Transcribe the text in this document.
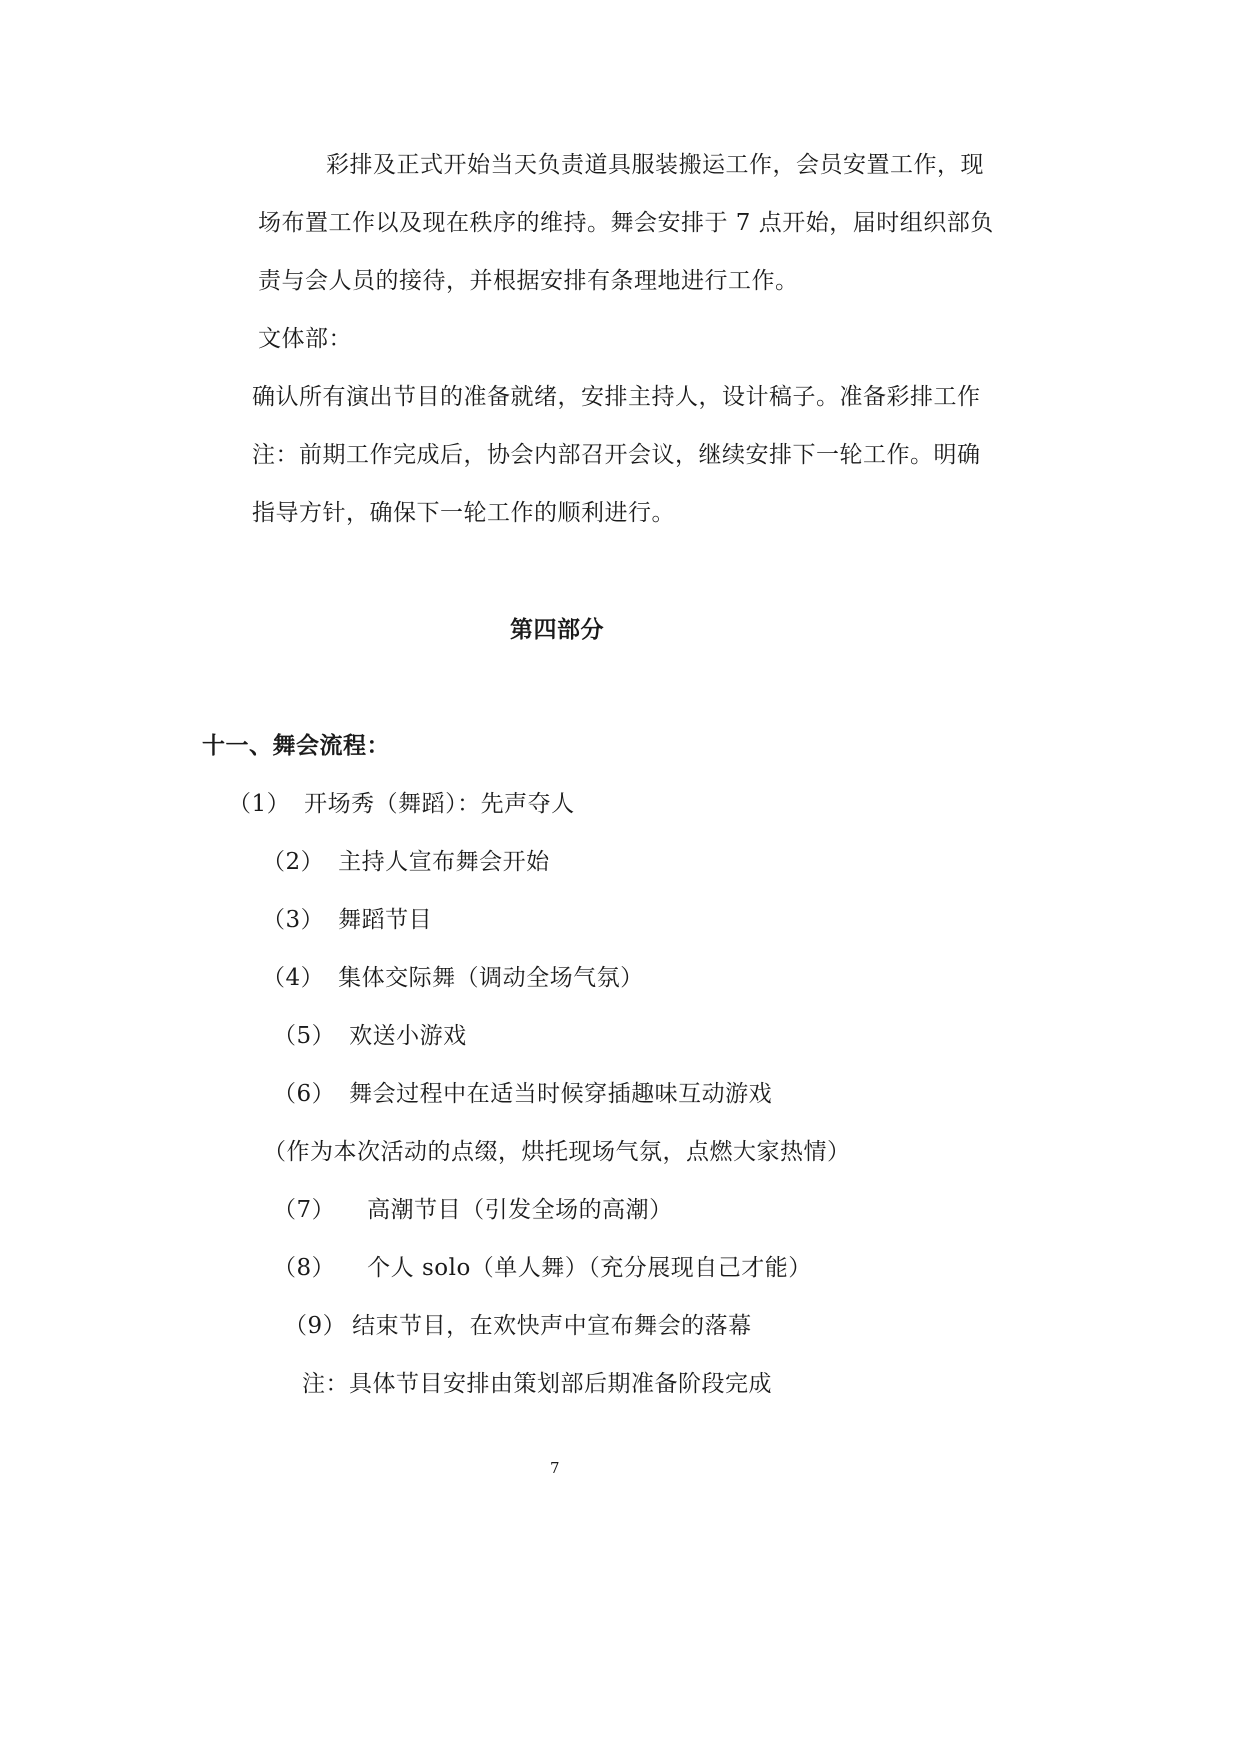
彩排及正式开始当天负责道具服装搬运工作，会员安置工作，现
场布置工作以及现在秩序的维持。舞会安排于 7 点开始，届时组织部负
责与会人员的接待，并根据安排有条理地进行工作。
文体部：
确认所有演出节目的准备就绪，安排主持人，设计稿子。准备彩排工作
注：前期工作完成后，协会内部召开会议，继续安排下一轮工作。明确
指导方针，确保下一轮工作的顺利进行。
第四部分
十一、舞会流程：
（1） 开场秀（舞蹈）：先声夺人
（2） 主持人宣布舞会开始
（3） 舞蹈节目
（4） 集体交际舞（调动全场气氛）
（5） 欢送小游戏
（6） 舞会过程中在适当时候穿插趣味互动游戏
（作为本次活动的点缀，烘托现场气氛，点燃大家热情）
（7） 高潮节目（引发全场的高潮）
（8） 个人 solo（单人舞）（充分展现自己才能）
（9） 结束节目，在欢快声中宣布舞会的落幕
注：具体节目安排由策划部后期准备阶段完成
7
